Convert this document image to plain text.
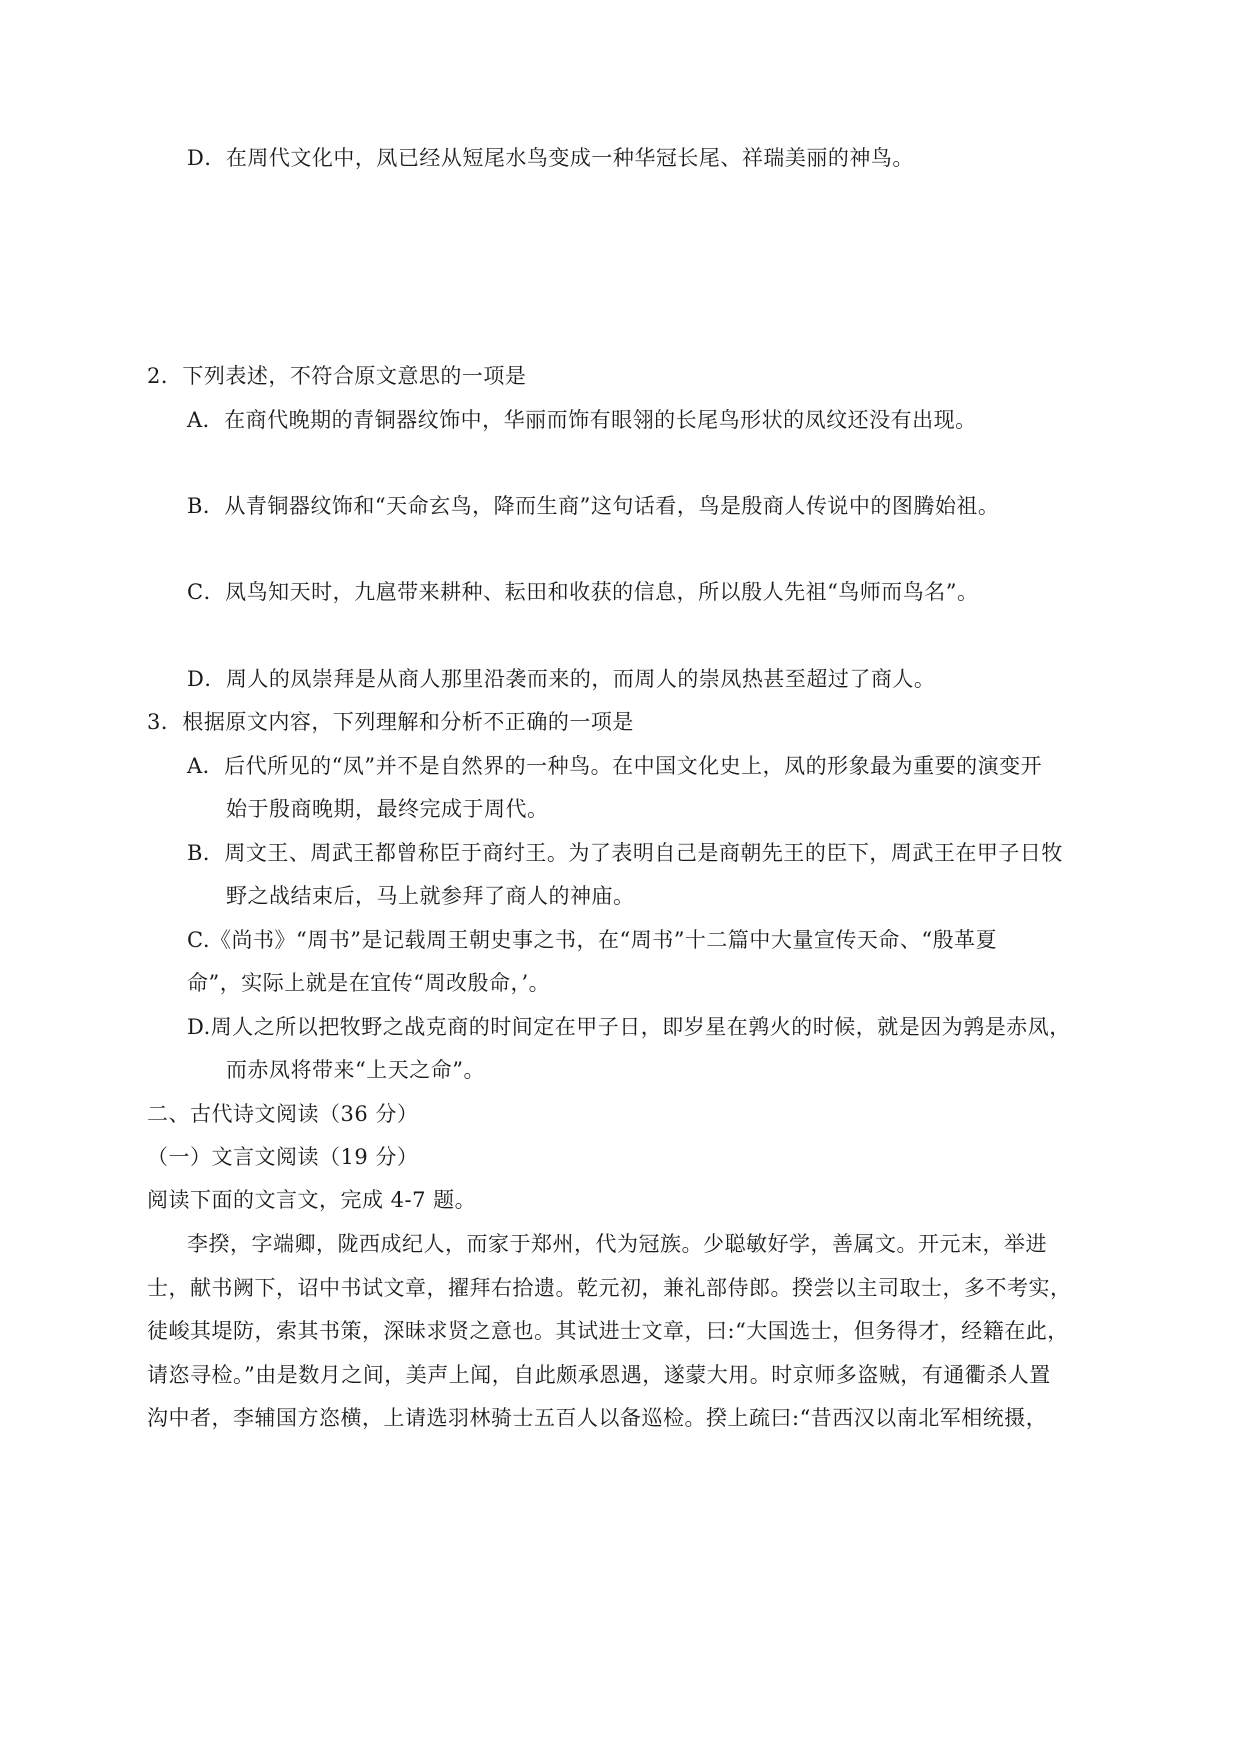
D．在周代文化中，凤已经从短尾水鸟变成一种华冠长尾、祥瑞美丽的神鸟。
2．下列表述，不符合原文意思的一项是
A．在商代晚期的青铜器纹饰中，华丽而饰有眼翎的长尾鸟形状的凤纹还没有出现。
B．从青铜器纹饰和“天命玄鸟，降而生商”这句话看，鸟是殷商人传说中的图腾始祖。
C．凤鸟知天时，九扈带来耕种、耘田和收获的信息，所以殷人先祖“鸟师而鸟名”。
D．周人的凤崇拜是从商人那里沿袭而来的，而周人的崇凤热甚至超过了商人。
3．根据原文内容，下列理解和分析不正确的一项是
A．后代所见的“凤”并不是自然界的一种鸟。在中国文化史上，凤的形象最为重要的演变开
始于殷商晚期，最终完成于周代。
B．周文王、周武王都曾称臣于商纣王。为了表明自己是商朝先王的臣下，周武王在甲子日牧
野之战结束后，马上就参拜了商人的神庙。
C.《尚书》“周书”是记载周王朝史事之书，在“周书”十二篇中大量宣传天命、“殷革夏
命”，实际上就是在宜传“周改殷命，’。
D.周人之所以把牧野之战克商的时间定在甲子日，即岁星在鹑火的时候，就是因为鹑是赤凤，
而赤凤将带来“上天之命”。
二、古代诗文阅读（36 分）
（一）文言文阅读（19 分）
阅读下面的文言文，完成 4-7 题。
李揆，字端卿，陇西成纪人，而家于郑州，代为冠族。少聪敏好学，善属文。开元末，举进
士，献书阙下，诏中书试文章，擢拜右拾遗。乾元初，兼礼部侍郎。揆尝以主司取士，多不考实，
徒峻其堤防，索其书策，深昧求贤之意也。其试进士文章，曰:“大国选士，但务得才，经籍在此，
请恣寻检。”由是数月之间，美声上闻，自此颇承恩遇，遂蒙大用。时京师多盗贼，有通衢杀人置
沟中者，李辅国方恣横，上请选羽林骑士五百人以备巡检。揆上疏曰:“昔西汉以南北军相统摄，
